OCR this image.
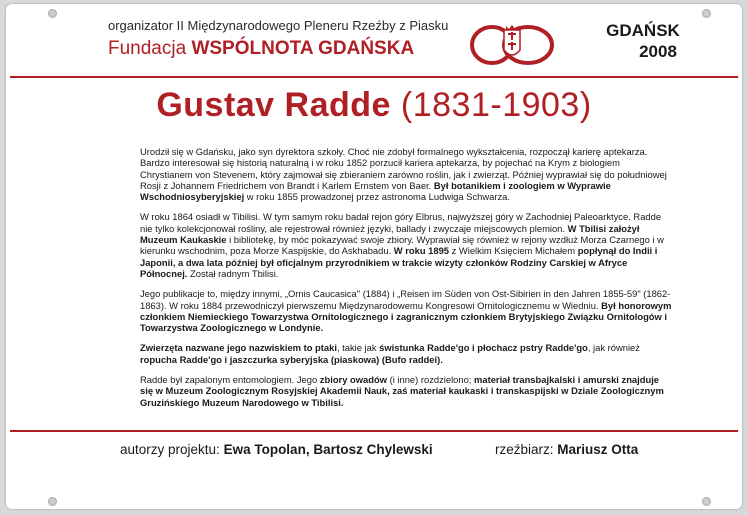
organizator II Międzynarodowego Pleneru Rzeźby z Piasku
Fundacja WSPÓLNOTA GDAŃSKA
GDAŃSK
2008
Gustav Radde (1831-1903)

Urodził się w Gdańsku, jako syn dyrektora szkoły. Choć nie zdobył formalnego wykształcenia, rozpoczął karierę aptekarza. Bardzo interesował się historią naturalną i w roku 1852 porzucił kariera aptekarza, by pojechać na Krym z biologiem Chrystianem von Stevenem, który zajmował się zbieraniem zarówno roślin, jak i zwierząt. Później wyprawiał się do południowej Rosji z Johannem Friedrichem von Brandt i Karlem Ernstem von Baer. Był botanikiem i zoologiem w Wyprawie Wschodniosyberyjskiej w roku 1855 prowadzonej przez astronoma Ludwiga Schwarza.

W roku 1864 osiadł w Tibilisi. W tym samym roku badał rejon góry Elbrus, najwyższej góry w Zachodniej Paleoarktyce. Radde nie tylko kolekcjonował rośliny, ale rejestrował również języki, ballady i zwyczaje miejscowych plemion. W Tbilisi założył Muzeum Kaukaskie i bibliotekę, by móc pokazywać swoje zbiory. Wyprawiał się również w rejony wzdłuż Morza Czarnego i w kierunku wschodnim, poza Morze Kaspijskie, do Askhabadu. W roku 1895 z Wielkim Księciem Michałem popłynął do Indii i Japonii, a dwa lata później był oficjalnym przyrodnikiem w trakcie wizyty członków Rodziny Carskiej w Afryce Północnej. Został radnym Tbilisi.

Jego publikacje to, między innymi, „Ornis Caucasica" (1884) i „Reisen im Süden von Ost-Sibirien in den Jahren 1855-59" (1862-1863). W roku 1884 przewodniczył pierwszemu Międzynarodowemu Kongresowi Ornitologicznemu w Wiedniu. Był honorowym członkiem Niemieckiego Towarzystwa Ornitologicznego i zagranicznym członkiem Brytyjskiego Związku Ornitologów i Towarzystwa Zoologicznego w Londynie.

Zwierzęta nazwane jego nazwiskiem to ptaki, takie jak świstunka Radde'go i płochacz pstry Radde'go, jak również ropucha Radde'go i jaszczurka syberyjska (piaskowa) (Bufo raddei).

Radde był zapalonym entomologiem. Jego zbiory owadów (i inne) rozdzielono; materiał transbajkalski i amurski znajduje się w Muzeum Zoologicznym Rosyjskiej Akademii Nauk, zaś materiał kaukaski i transkaspijski w Dziale Zoologicznym Gruzińskiego Muzeum Narodowego w Tibilisi.

autorzy projektu: Ewa Topolan, Bartosz Chylewski	rzeźbiarz: Mariusz Otta
